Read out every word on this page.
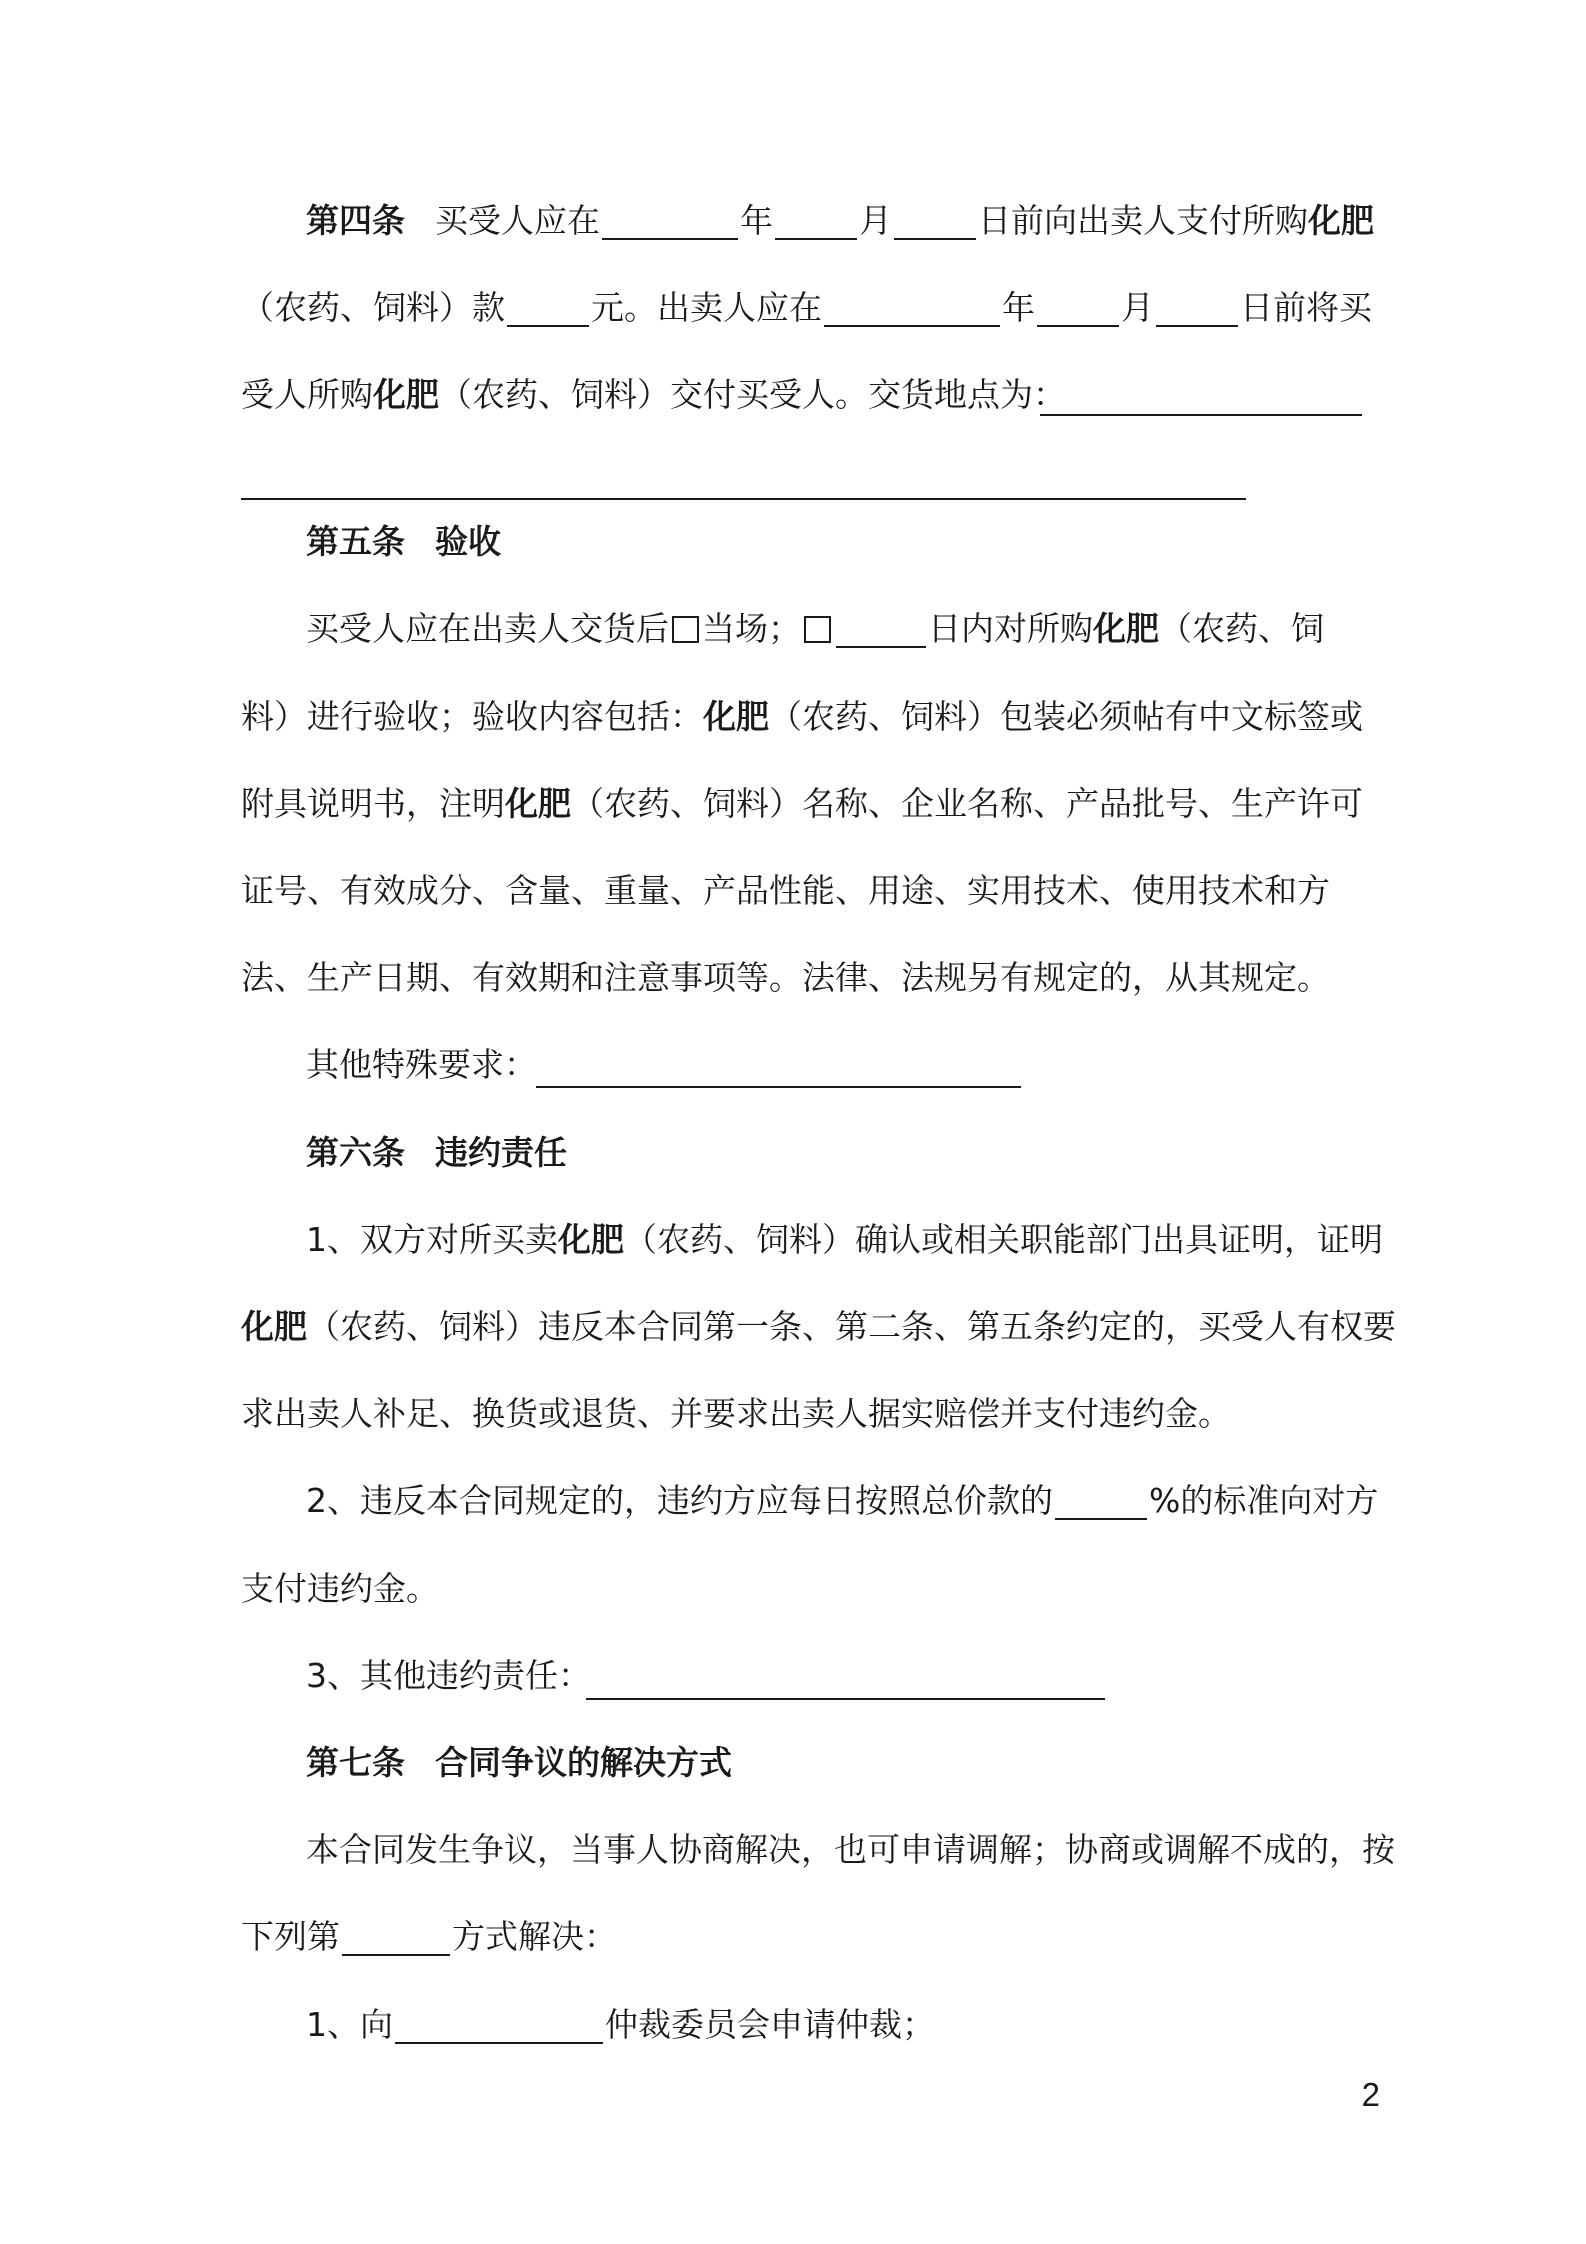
第四条 买受人应在	年	月	日前向出卖人支付所购化肥
（农药、饲料）款	元。出卖人应在	年	月	日前将买
受人所购化肥（农药、饲料）交付买受人。交货地点为：
第五条 验收
买受人应在出卖人交货后 当场；	日内对所购化肥（农药、饲
料）进行验收；验收内容包括：化肥（农药、饲料）包装必须帖有中文标签或
附具说明书，注明化肥（农药、饲料）名称、企业名称、产品批号、生产许可
证号、有效成分、含量、重量、产品性能、用途、实用技术、使用技术和方
法、生产日期、有效期和注意事项等。法律、法规另有规定的，从其规定。
其他特殊要求：
第六条 违约责任
1、双方对所买卖化肥（农药、饲料）确认或相关职能部门出具证明，证明
化肥（农药、饲料）违反本合同第一条、第二条、第五条约定的，买受人有权要
求出卖人补足、换货或退货、并要求出卖人据实赔偿并支付违约金。
2、违反本合同规定的，违约方应每日按照总价款的	%的标准向对方
支付违约金。
3、其他违约责任：
第七条 合同争议的解决方式
本合同发生争议，当事人协商解决，也可申请调解；协商或调解不成的，按
下列第	方式解决：
1、向	仲裁委员会申请仲裁；
2
